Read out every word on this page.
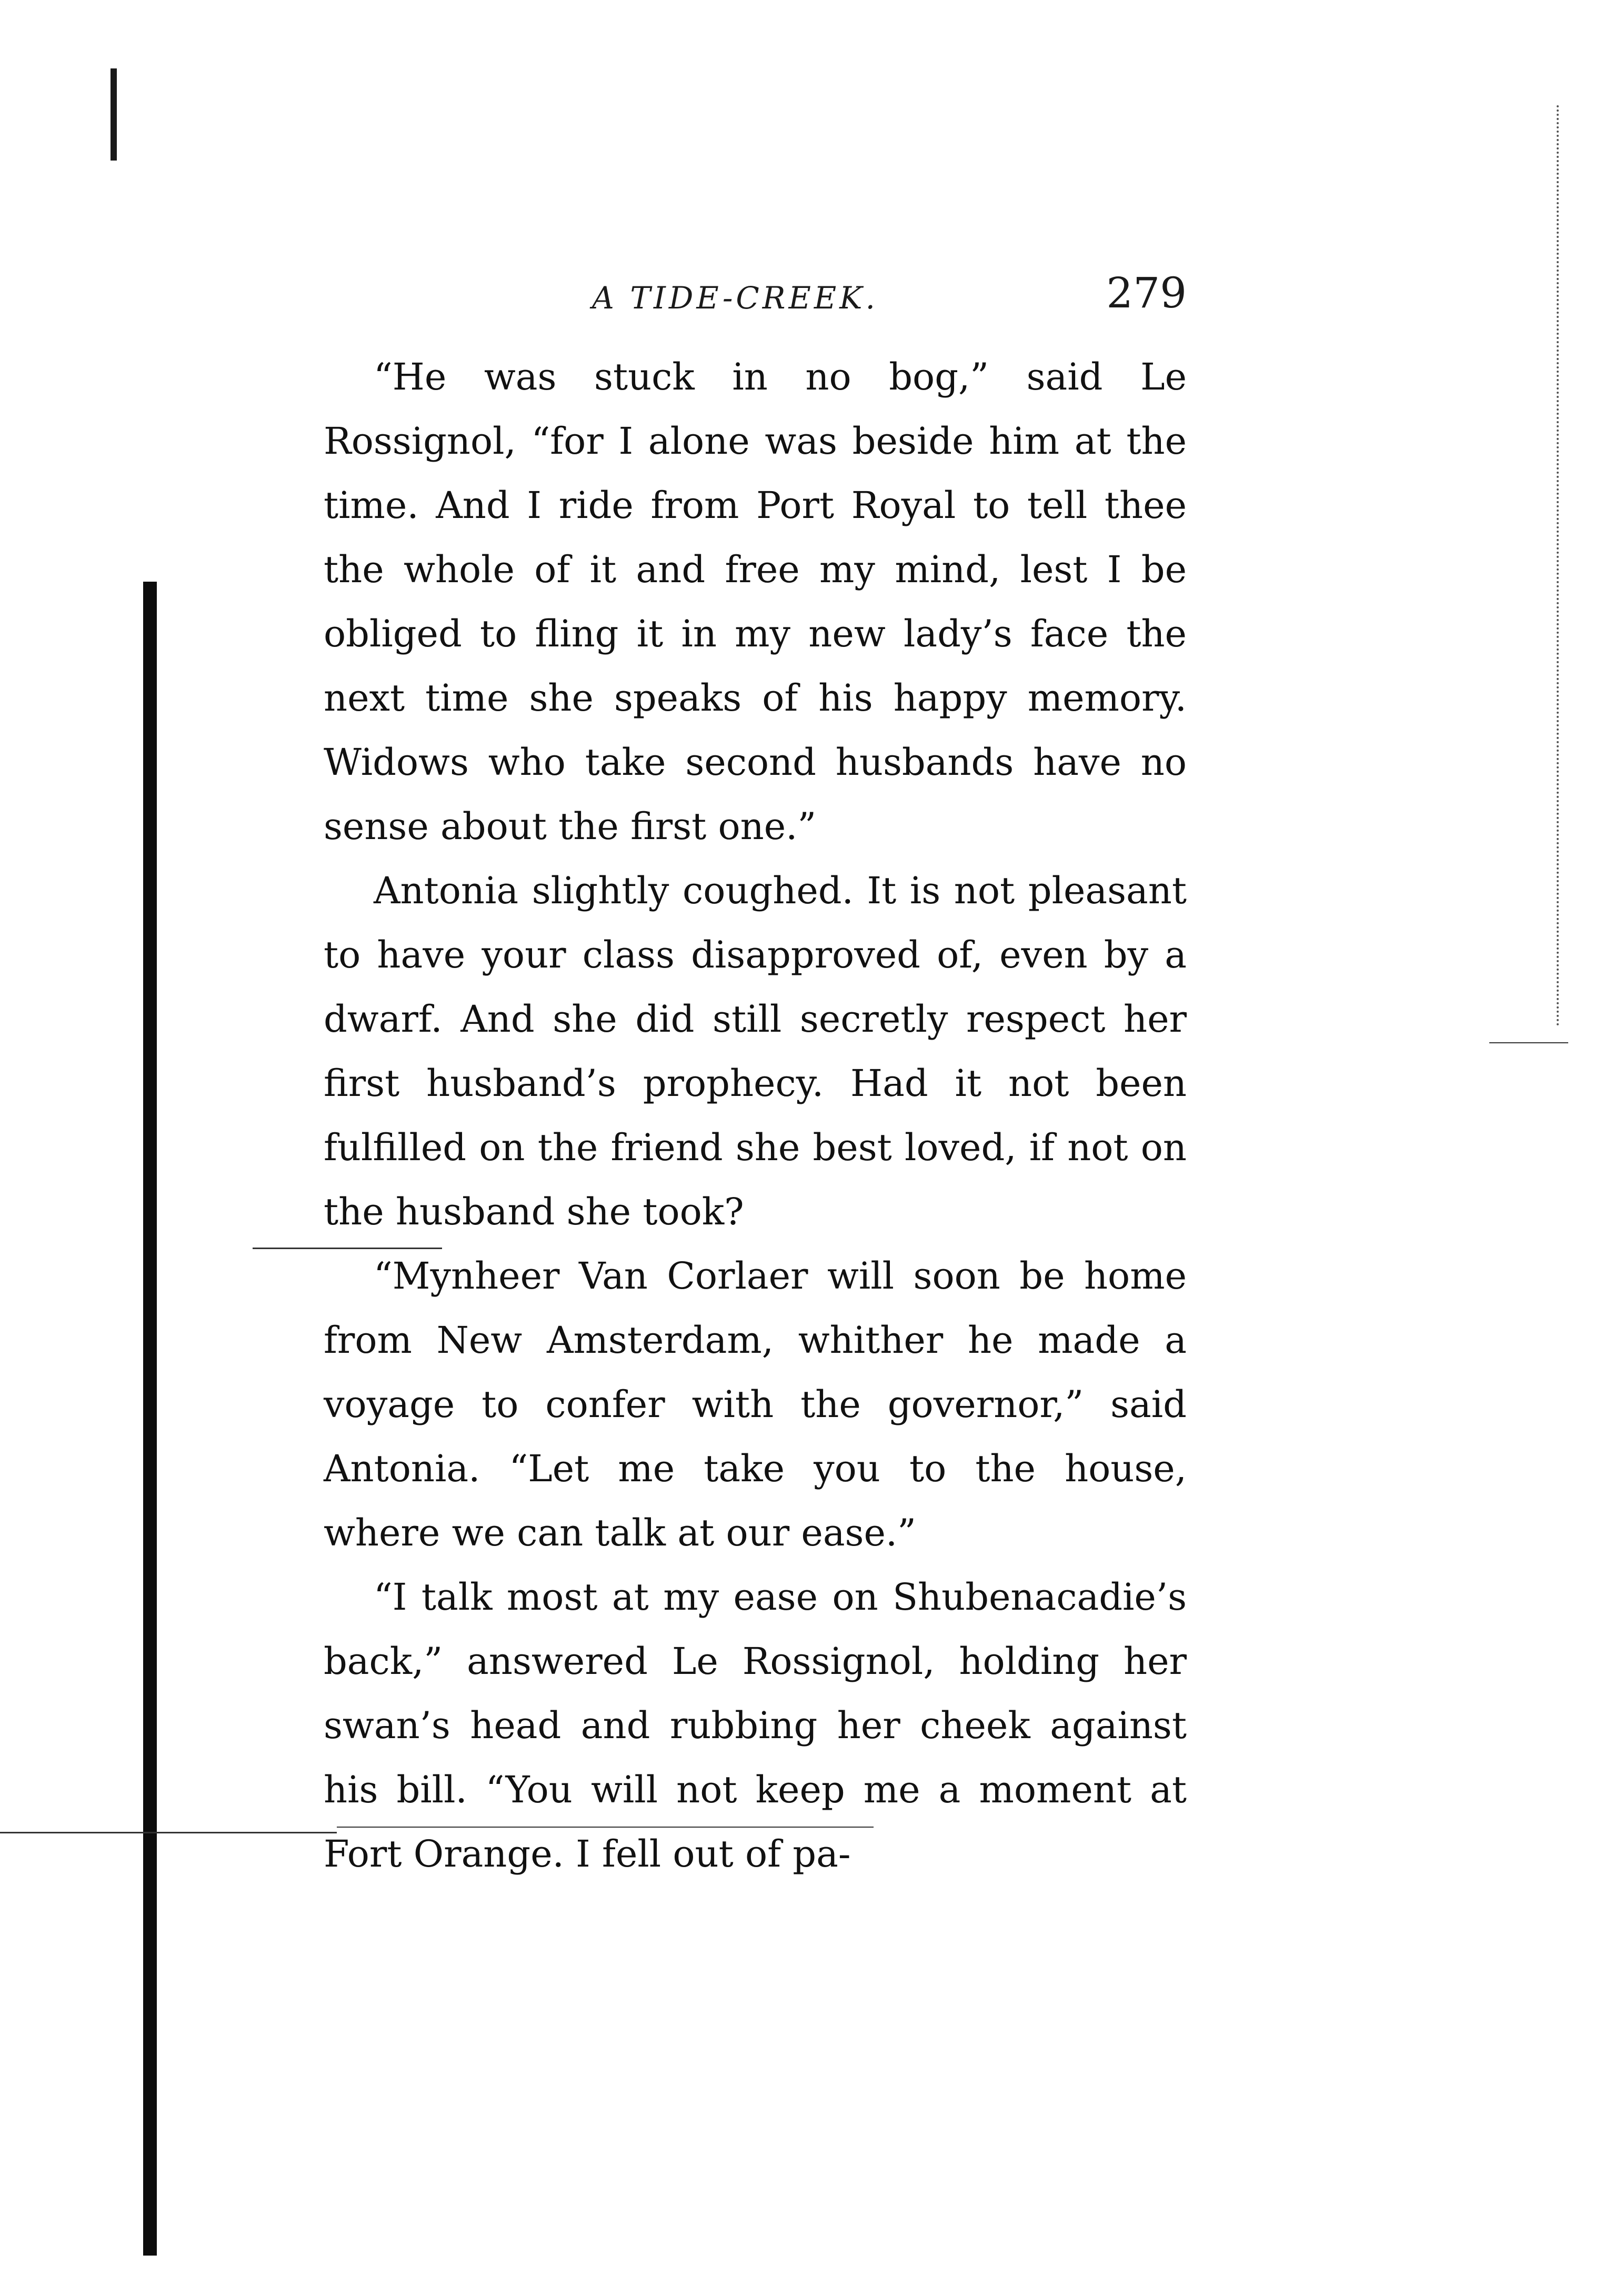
A TIDE-CREEK.	279

“He was stuck in no bog,” said Le Rossignol, “for I alone was beside him at the time. And I ride from Port Royal to tell thee the whole of it and free my mind, lest I be obliged to fling it in my new lady’s face the next time she speaks of his happy memory. Widows who take second husbands have no sense about the first one.”

Antonia slightly coughed. It is not pleasant to have your class disapproved of, even by a dwarf. And she did still secretly respect her first husband’s prophecy. Had it not been fulfilled on the friend she best loved, if not on the husband she took?

“Mynheer Van Corlaer will soon be home from New Amsterdam, whither he made a voyage to confer with the governor,” said Antonia. “Let me take you to the house, where we can talk at our ease.”

“I talk most at my ease on Shubenacadie’s back,” answered Le Rossignol, holding her swan’s head and rubbing her cheek against his bill. “You will not keep me a moment at Fort Orange. I fell out of pa-
